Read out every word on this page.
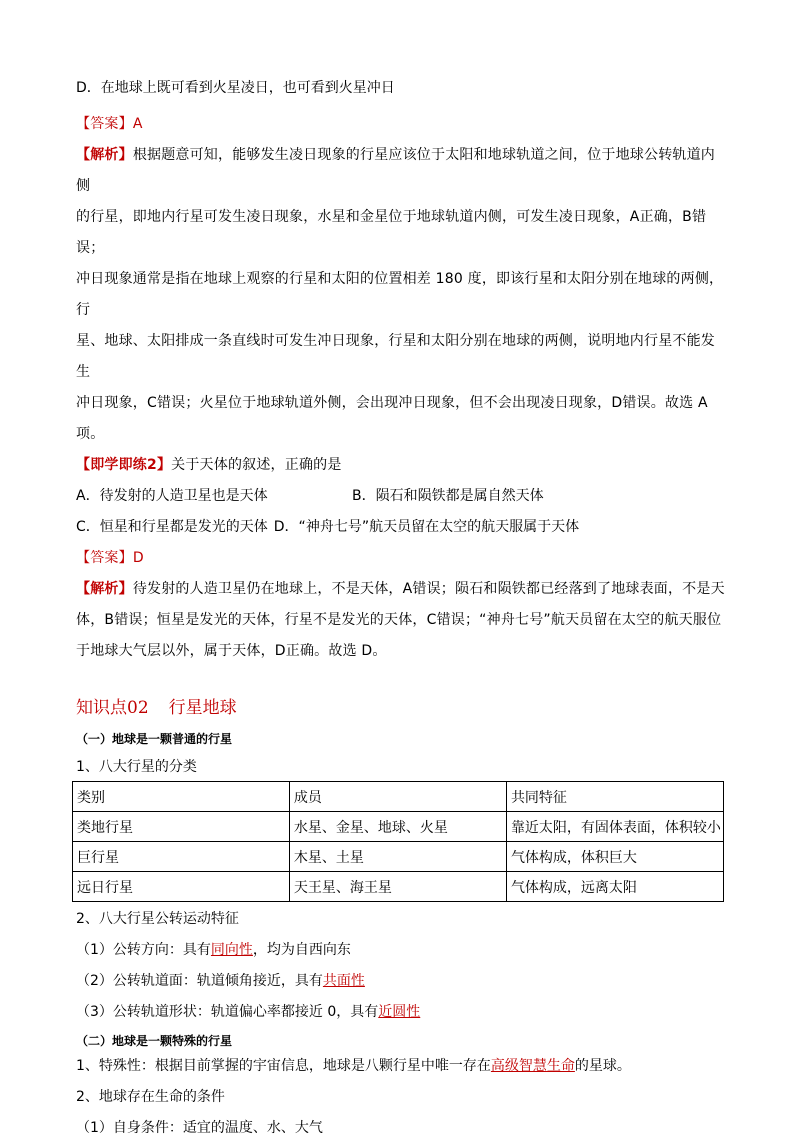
D．在地球上既可看到火星凌日，也可看到火星冲日

【答案】A

【解析】根据题意可知，能够发生凌日现象的行星应该位于太阳和地球轨道之间，位于地球公转轨道内侧

的行星，即地内行星可发生凌日现象，水星和金星位于地球轨道内侧，可发生凌日现象，A正确，B错误；

冲日现象通常是指在地球上观察的行星和太阳的位置相差 180 度，即该行星和太阳分别在地球的两侧，行

星、地球、太阳排成一条直线时可发生冲日现象，行星和太阳分别在地球的两侧，说明地内行星不能发生

冲日现象，C错误；火星位于地球轨道外侧，会出现冲日现象，但不会出现凌日现象，D错误。故选 A项。

【即学即练2】关于天体的叙述，正确的是

A．待发射的人造卫星也是天体	B．陨石和陨铁都是属自然天体
C．恒星和行星都是发光的天体 D．“神舟七号”航天员留在太空的航天服属于天体

【答案】D

【解析】待发射的人造卫星仍在地球上，不是天体，A错误；陨石和陨铁都已经落到了地球表面，不是天

体，B错误；恒星是发光的天体，行星不是发光的天体，C错误；“神舟七号”航天员留在太空的航天服位

于地球大气层以外，属于天体，D正确。故选 D。

知识点02 行星地球
（一）地球是一颗普通的行星
1、八大行星的分类
类别	成员	共同特征
类地行星	水星、金星、地球、火星	靠近太阳，有固体表面，体积较小
巨行星	木星、土星	气体构成，体积巨大
远日行星	天王星、海王星	气体构成，远离太阳

2、八大行星公转运动特征

（1）公转方向：具有同向性，均为自西向东

（2）公转轨道面：轨道倾角接近，具有共面性

（3）公转轨道形状：轨道偏心率都接近 0，具有近圆性

（二）地球是一颗特殊的行星

1、特殊性：根据目前掌握的宇宙信息，地球是八颗行星中唯一存在高级智慧生命的星球。

2、地球存在生命的条件

（1）自身条件：适宜的温度、水、大气
